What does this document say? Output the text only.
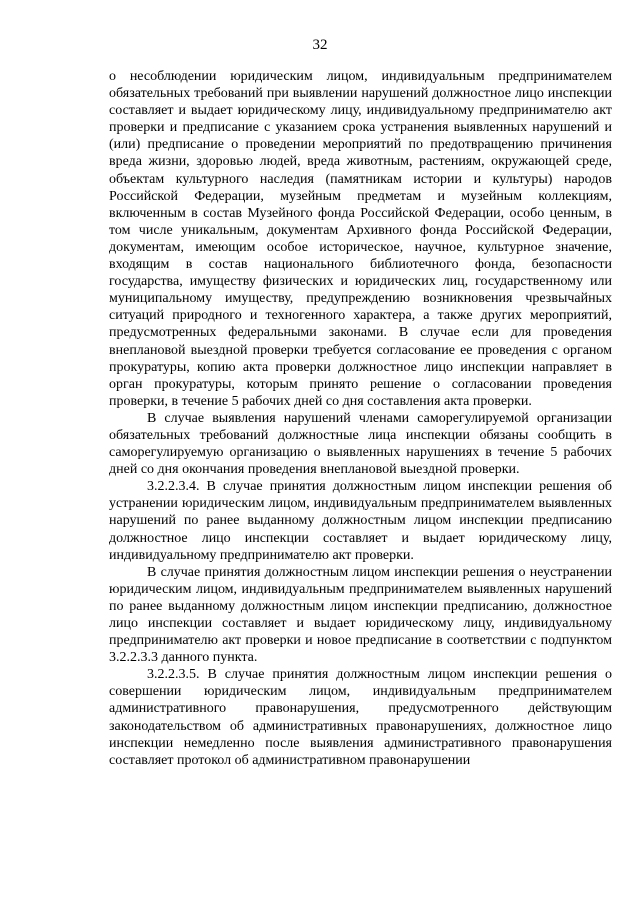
32

о несоблюдении юридическим лицом, индивидуальным предпринимателем обязательных требований при выявлении нарушений должностное лицо инспекции составляет и выдает юридическому лицу, индивидуальному предпринимателю акт проверки и предписание с указанием срока устранения выявленных нарушений и (или) предписание о проведении мероприятий по предотвращению причинения вреда жизни, здоровью людей, вреда животным, растениям, окружающей среде, объектам культурного наследия (памятникам истории и культуры) народов Российской Федерации, музейным предметам и музейным коллекциям, включенным в состав Музейного фонда Российской Федерации, особо ценным, в том числе уникальным, документам Архивного фонда Российской Федерации, документам, имеющим особое историческое, научное, культурное значение, входящим в состав национального библиотечного фонда, безопасности государства, имуществу физических и юридических лиц, государственному или муниципальному имуществу, предупреждению возникновения чрезвычайных ситуаций природного и техногенного характера, а также других мероприятий, предусмотренных федеральными законами. В случае если для проведения внеплановой выездной проверки требуется согласование ее проведения с органом прокуратуры, копию акта проверки должностное лицо инспекции направляет в орган прокуратуры, которым принято решение о согласовании проведения проверки, в течение 5 рабочих дней со дня составления акта проверки.

В случае выявления нарушений членами саморегулируемой организации обязательных требований должностные лица инспекции обязаны сообщить в саморегулируемую организацию о выявленных нарушениях в течение 5 рабочих дней со дня окончания проведения внеплановой выездной проверки.

3.2.2.3.4. В случае принятия должностным лицом инспекции решения об устранении юридическим лицом, индивидуальным предпринимателем выявленных нарушений по ранее выданному должностным лицом инспекции предписанию должностное лицо инспекции составляет и выдает юридическому лицу, индивидуальному предпринимателю акт проверки.

В случае принятия должностным лицом инспекции решения о неустранении юридическим лицом, индивидуальным предпринимателем выявленных нарушений по ранее выданному должностным лицом инспекции предписанию, должностное лицо инспекции составляет и выдает юридическому лицу, индивидуальному предпринимателю акт проверки и новое предписание в соответствии с подпунктом 3.2.2.3.3 данного пункта.

3.2.2.3.5. В случае принятия должностным лицом инспекции решения о совершении юридическим лицом, индивидуальным предпринимателем административного правонарушения, предусмотренного действующим законодательством об административных правонарушениях, должностное лицо инспекции немедленно после выявления административного правонарушения составляет протокол об административном правонарушении
